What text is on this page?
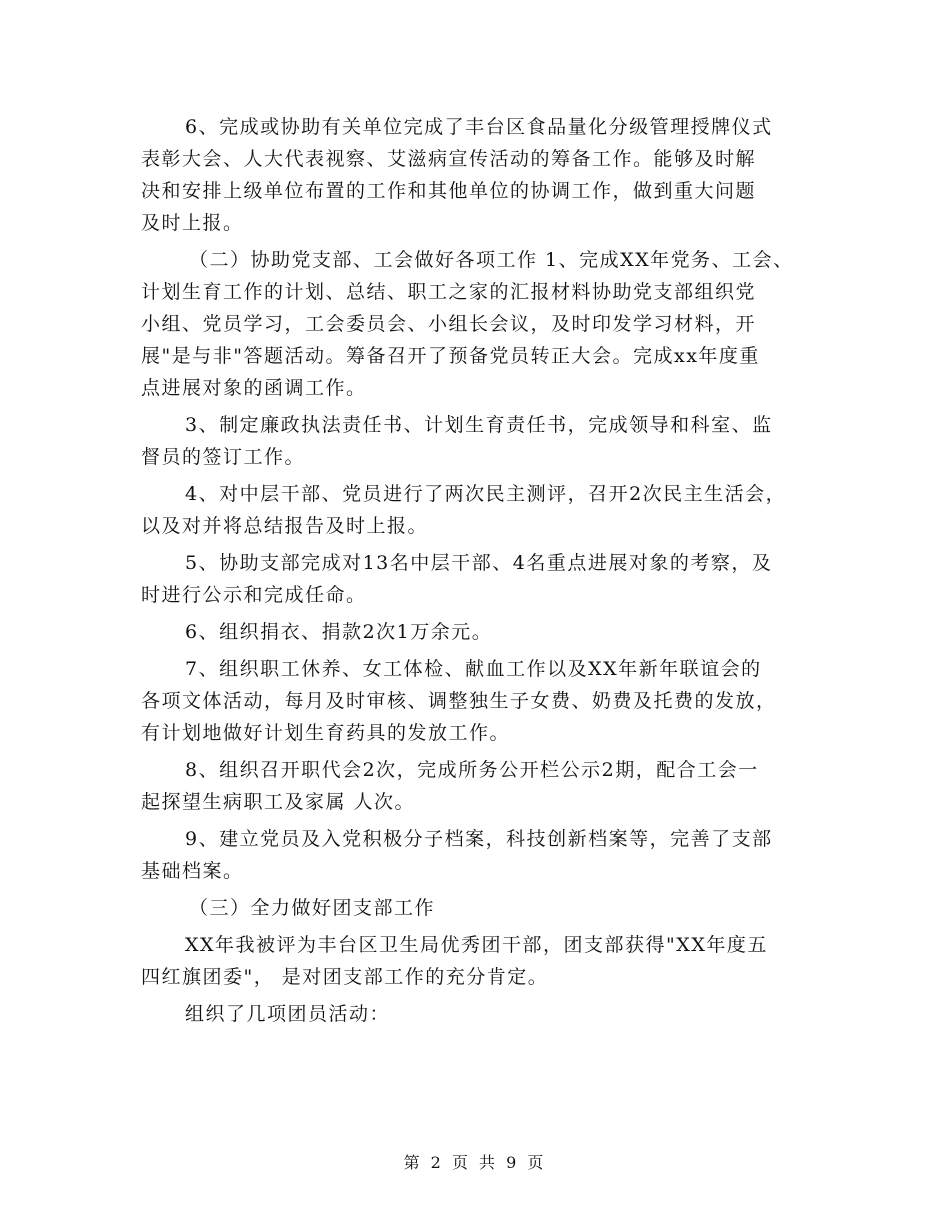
6、完成或协助有关单位完成了丰台区食品量化分级管理授牌仪式
表彰大会、人大代表视察、艾滋病宣传活动的筹备工作。能够及时解
决和安排上级单位布置的工作和其他单位的协调工作，做到重大问题
及时上报。
（二）协助党支部、工会做好各项工作 1、完成XX年党务、工会、
计划生育工作的计划、总结、职工之家的汇报材料协助党支部组织党
小组、党员学习，工会委员会、小组长会议，及时印发学习材料，开
展"是与非"答题活动。筹备召开了预备党员转正大会。完成xx年度重
点进展对象的函调工作。
3、制定廉政执法责任书、计划生育责任书，完成领导和科室、监
督员的签订工作。
4、对中层干部、党员进行了两次民主测评，召开2次民主生活会，
以及对并将总结报告及时上报。
5、协助支部完成对13名中层干部、4名重点进展对象的考察，及
时进行公示和完成任命。
6、组织捐衣、捐款2次1万余元。
7、组织职工休养、女工体检、献血工作以及XX年新年联谊会的
各项文体活动，每月及时审核、调整独生子女费、奶费及托费的发放，
有计划地做好计划生育药具的发放工作。
8、组织召开职代会2次，完成所务公开栏公示2期，配合工会一
起探望生病职工及家属 人次。
9、建立党员及入党积极分子档案，科技创新档案等，完善了支部
基础档案。
（三）全力做好团支部工作
XX年我被评为丰台区卫生局优秀团干部，团支部获得"XX年度五
四红旗团委"， 是对团支部工作的充分肯定。
组织了几项团员活动：
第 2 页 共 9 页
